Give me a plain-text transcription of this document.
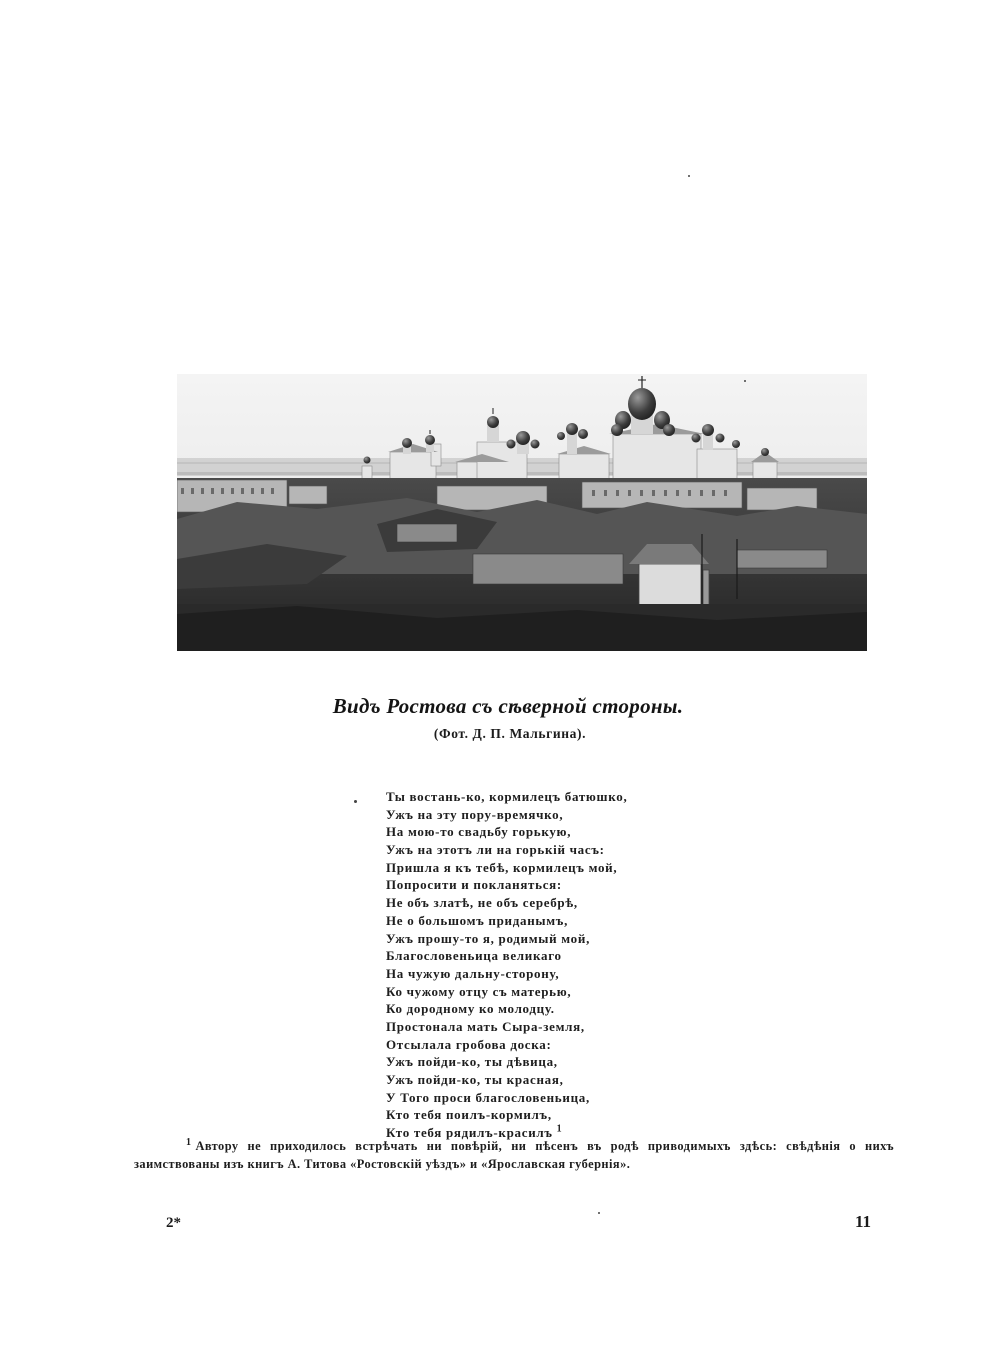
Видъ Ростова съ сѣверной стороны.
(Фот. Д. П. Мальгина).
Ты востань-ко, кормилецъ батюшко,
Ужъ на эту пору-времячко,
На мою-то свадьбу горькую,
Ужъ на этотъ ли на горькій часъ:
Пришла я къ тебѣ, кормилецъ мой,
Попросити и покланяться:
Не объ златѣ, не объ серебрѣ,
Не о большомъ приданымъ,
Ужъ прошу-то я, родимый мой,
Благословеньица великаго
На чужую дальну-сторону,
Ко чужому отцу съ матерью,
Ко дородному ко молодцу.
Простонала мать Сыра-земля,
Отсылала гробова доска:
Ужъ пойди-ко, ты дѣвица,
Ужъ пойди-ко, ты красная,
У Того проси благословеньица,
Кто тебя поилъ-кормилъ,
Кто тебя рядилъ-красилъ $^1$

$^1$ Автору не приходилось встрѣчать ни повѣрій, ни пѣсенъ въ родѣ приводимыхъ здѣсь: свѣдѣнія о нихъ заимствованы изъ книгъ А. Титова «Ростовскій уѣздъ» и «Ярославская губернія».

2*	11
